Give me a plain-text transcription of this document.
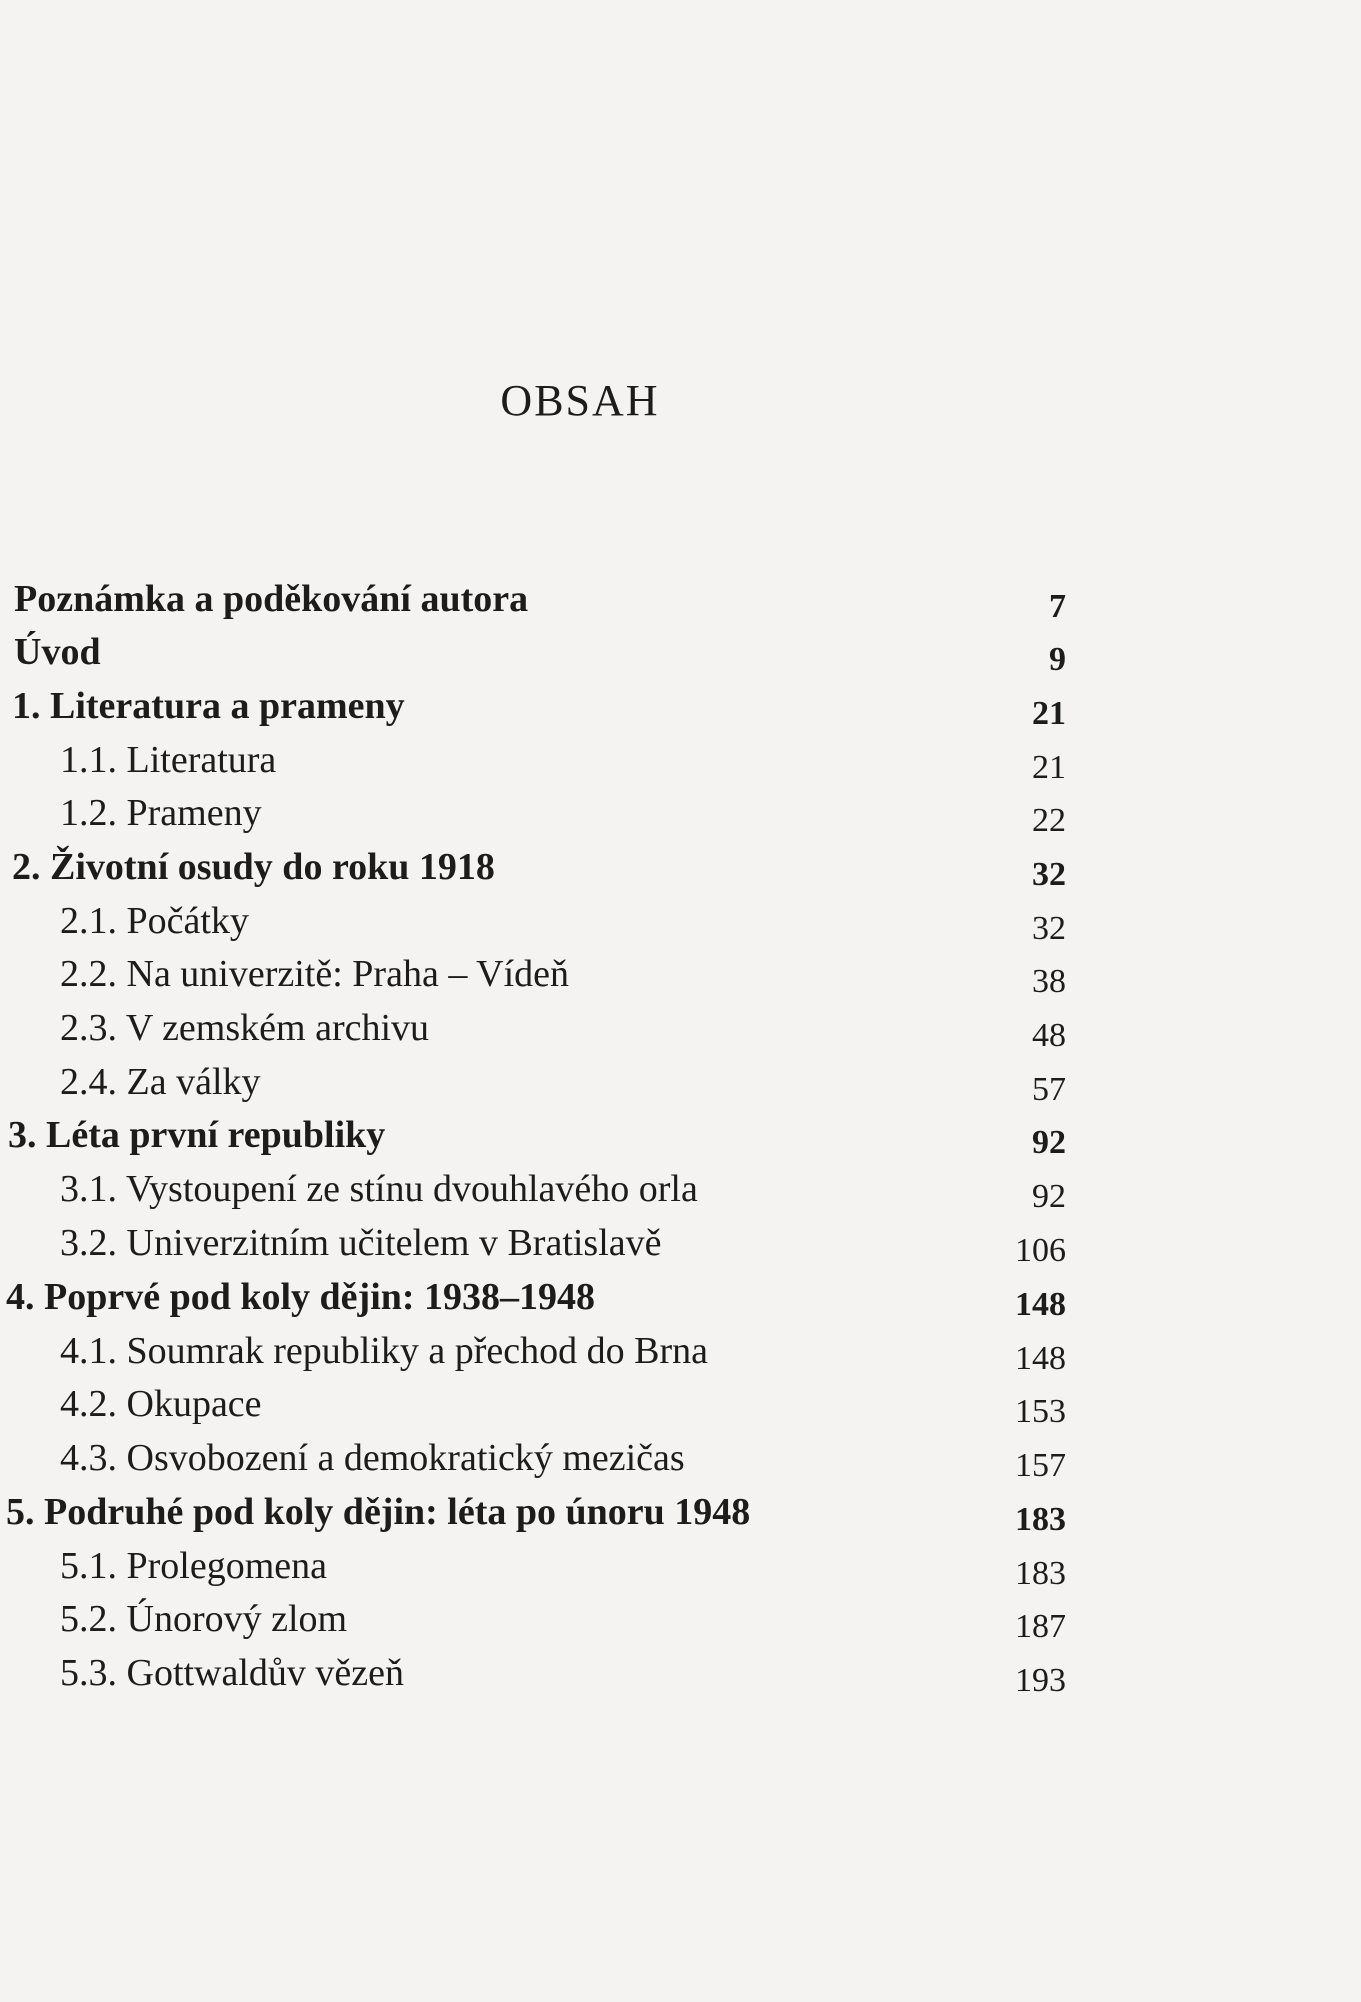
OBSAH
Poznámka a poděkování autora	7
Úvod	9
1. Literatura a prameny	21
1.1. Literatura	21
1.2. Prameny	22
2. Životní osudy do roku 1918	32
2.1. Počátky	32
2.2. Na univerzitě: Praha – Vídeň	38
2.3. V zemském archivu	48
2.4. Za války	57
3. Léta první republiky	92
3.1. Vystoupení ze stínu dvouhlavého orla	92
3.2. Univerzitním učitelem v Bratislavě	106
4. Poprvé pod koly dějin: 1938–1948	148
4.1. Soumrak republiky a přechod do Brna	148
4.2. Okupace	153
4.3. Osvobození a demokratický mezičas	157
5. Podruhé pod koly dějin: léta po únoru 1948	183
5.1. Prolegomena	183
5.2. Únorový zlom	187
5.3. Gottwaldův vězeň	193
